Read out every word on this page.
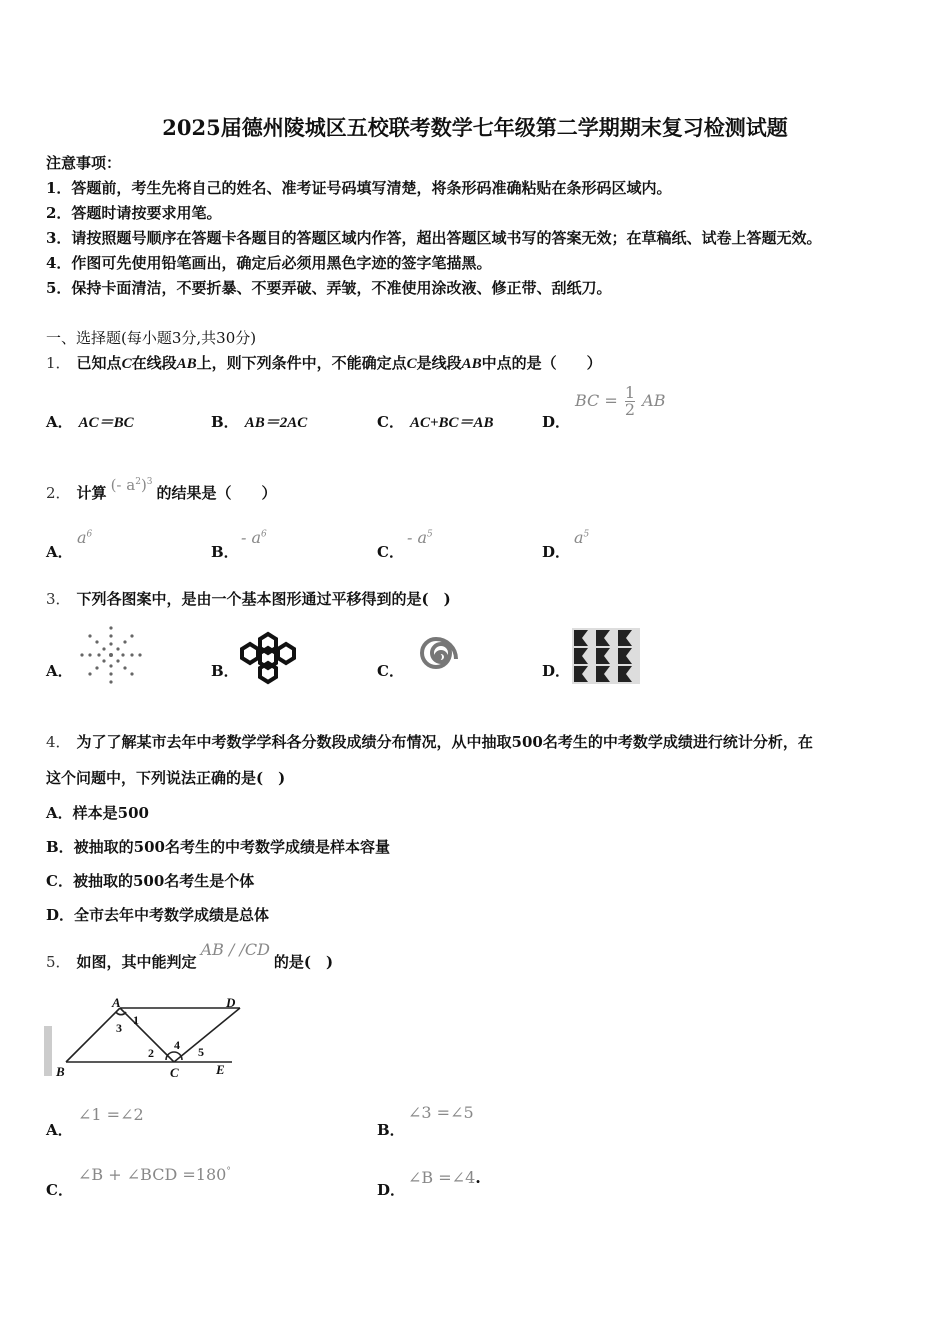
2025届德州陵城区五校联考数学七年级第二学期期末复习检测试题
注意事项：
1．答题前，考生先将自己的姓名、准考证号码填写清楚，将条形码准确粘贴在条形码区域内。
2．答题时请按要求用笔。
3．请按照题号顺序在答题卡各题目的答题区域内作答，超出答题区域书写的答案无效；在草稿纸、试卷上答题无效。
4．作图可先使用铅笔画出，确定后必须用黑色字迹的签字笔描黑。
5．保持卡面清洁，不要折暴、不要弄破、弄皱，不准使用涂改液、修正带、刮纸刀。
一、选择题(每小题3分,共30分)
1． 已知点C在线段AB上，则下列条件中，不能确定点C是线段AB中点的是（　　）
A． AC＝BC	B． AB＝2AC	C． AC+BC＝AB	D．
BC = $\frac{1}{2}$ AB
2． 计算 (- $a^2)^3$的结果是（　　）
A．
$a^6$
B．
- $a^6$
C．
- $a^5$
D．
$a^5$
3． 下列各图案中，是由一个基本图形通过平移得到的是(　)
A．	B．	C．	D．
4． 为了了解某市去年中考数学学科各分数段成绩分布情况，从中抽取500名考生的中考数学成绩进行统计分析，在
这个问题中，下列说法正确的是(　)
A．样本是500
B．被抽取的500名考生的中考数学成绩是样本容量
C．被抽取的500名考生是个体
D．全市去年中考数学成绩是总体
5． 如图，其中能判定AB / /CD的是(　)
A	D
B	C	E
1
3
2
4 5
A．
∠1 =∠2
B．
∠3 =∠5
C．
∠B + ∠BCD =180°
D．
∠B =∠4.
